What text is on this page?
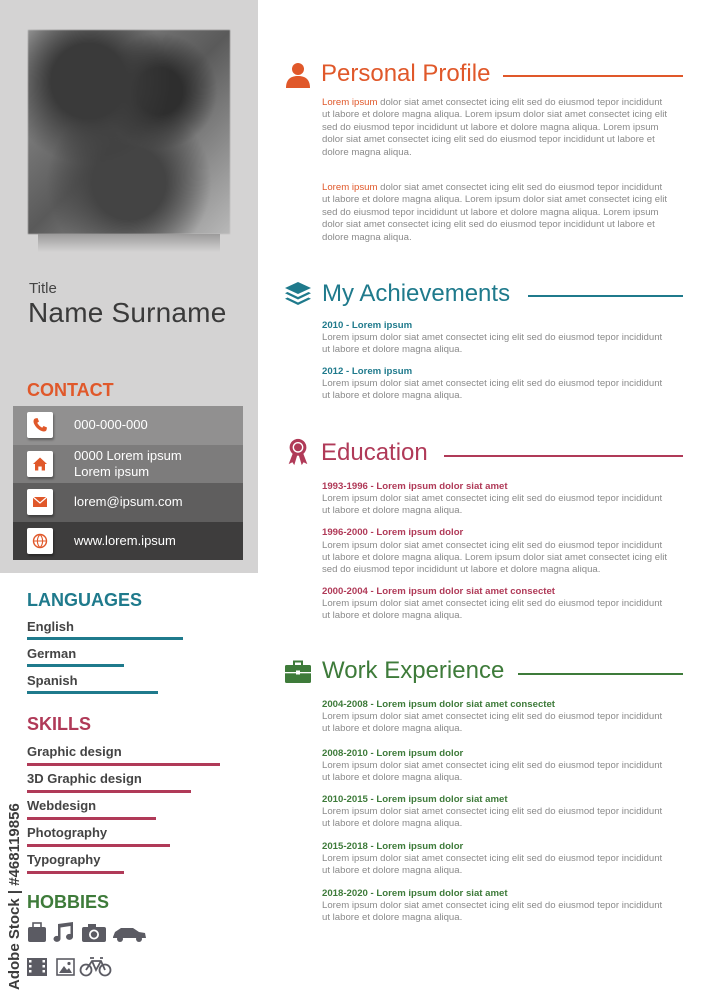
Title
Name Surname
CONTACT
000-000-000
0000 Lorem ipsum
Lorem ipsum
lorem@ipsum.com
www.lorem.ipsum
LANGUAGES
English
German
Spanish
SKILLS
Graphic design
3D Graphic design
Webdesign
Photography
Typography
HOBBIES
Personal Profile
Lorem ipsum dolor siat amet consectet icing elit sed do eiusmod tepor incididunt ut labore et dolore magna aliqua. Lorem ipsum dolor siat amet consectet icing elit sed do eiusmod tepor incididunt ut labore et dolore magna aliqua. Lorem ipsum dolor siat amet consectet icing elit sed do eiusmod tepor incididunt ut labore et dolore magna aliqua.
Lorem ipsum dolor siat amet consectet icing elit sed do eiusmod tepor incididunt ut labore et dolore magna aliqua. Lorem ipsum dolor siat amet consectet icing elit sed do eiusmod tepor incididunt ut labore et dolore magna aliqua. Lorem ipsum dolor siat amet consectet icing elit sed do eiusmod tepor incididunt ut labore et dolore magna aliqua.
My Achievements
2010 - Lorem ipsum
Lorem ipsum dolor siat amet consectet icing elit sed do eiusmod tepor incididunt ut labore et dolore magna aliqua.
2012 - Lorem ipsum
Lorem ipsum dolor siat amet consectet icing elit sed do eiusmod tepor incididunt ut labore et dolore magna aliqua.
Education
1993-1996 - Lorem ipsum dolor siat amet
Lorem ipsum dolor siat amet consectet icing elit sed do eiusmod tepor incididunt ut labore et dolore magna aliqua.
1996-2000 - Lorem ipsum dolor
Lorem ipsum dolor siat amet consectet icing elit sed do eiusmod tepor incididunt ut labore et dolore magna aliqua. Lorem ipsum dolor siat amet consectet icing elit sed do eiusmod tepor incididunt ut labore et dolore magna aliqua.
2000-2004 - Lorem ipsum dolor siat amet consectet
Lorem ipsum dolor siat amet consectet icing elit sed do eiusmod tepor incididunt ut labore et dolore magna aliqua.
Work Experience
2004-2008 - Lorem ipsum dolor siat amet consectet
Lorem ipsum dolor siat amet consectet icing elit sed do eiusmod tepor incididunt ut labore et dolore magna aliqua.
2008-2010 - Lorem ipsum dolor
Lorem ipsum dolor siat amet consectet icing elit sed do eiusmod tepor incididunt ut labore et dolore magna aliqua.
2010-2015 - Lorem ipsum dolor siat amet
Lorem ipsum dolor siat amet consectet icing elit sed do eiusmod tepor incididunt ut labore et dolore magna aliqua.
2015-2018 - Lorem ipsum dolor
Lorem ipsum dolor siat amet consectet icing elit sed do eiusmod tepor incididunt ut labore et dolore magna aliqua.
2018-2020 - Lorem ipsum dolor siat amet
Lorem ipsum dolor siat amet consectet icing elit sed do eiusmod tepor incididunt ut labore et dolore magna aliqua.
Adobe Stock | #468119856
